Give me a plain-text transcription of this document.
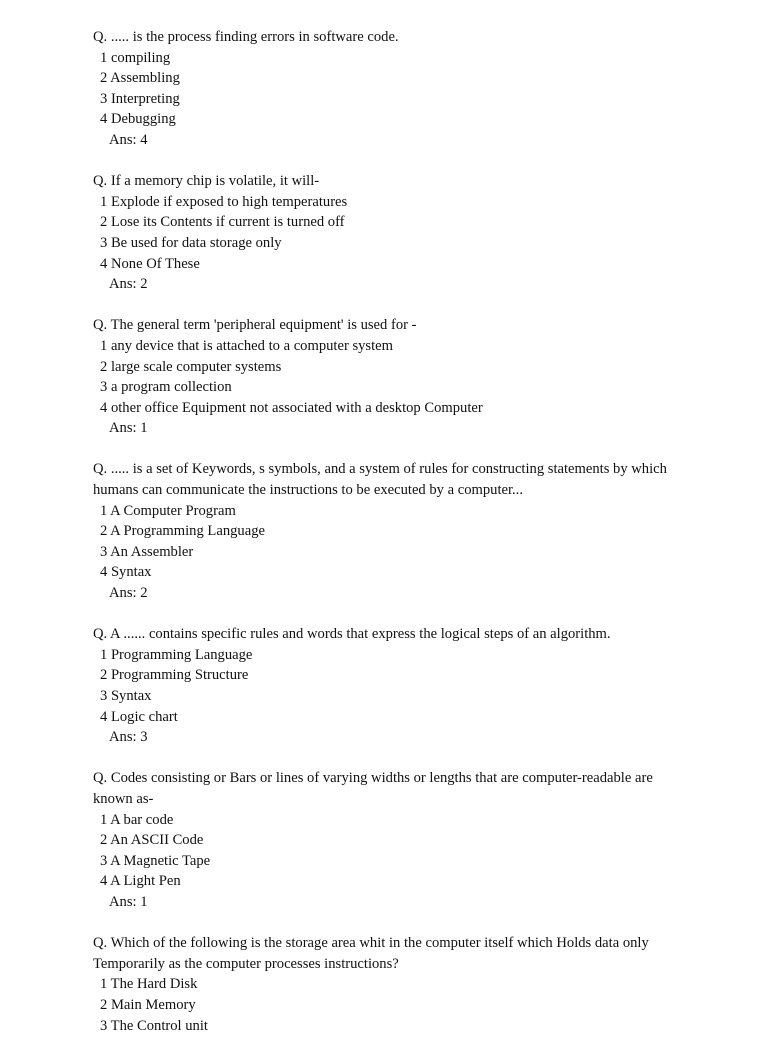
Q. ..... is the process finding errors in software code.
1 compiling
2 Assembling
3 Interpreting
4 Debugging
Ans: 4
Q. If a memory chip is volatile, it will-
1 Explode if exposed to high temperatures
2 Lose its Contents if current is turned off
3 Be used for data storage only
4 None Of These
Ans: 2
Q. The general term 'peripheral equipment' is used for -
1 any device that is attached to a computer system
2 large scale computer systems
3 a program collection
4 other office Equipment not associated with a desktop Computer
Ans: 1
Q. ..... is a set of Keywords, s symbols, and a system of rules for constructing statements by which humans can communicate the instructions to be executed by a computer...
1 A Computer Program
2 A Programming Language
3 An Assembler
4 Syntax
Ans: 2
Q. A ...... contains specific rules and words that express the logical steps of an algorithm.
1 Programming Language
2 Programming Structure
3 Syntax
4 Logic chart
Ans: 3
Q. Codes consisting or Bars or lines of varying widths or lengths that are computer-readable are known as-
1 A bar code
2 An ASCII Code
3 A Magnetic Tape
4 A Light Pen
Ans: 1
Q. Which of the following is the storage area whit in the computer itself which Holds data only Temporarily as the computer processes instructions?
1 The Hard Disk
2 Main Memory
3 The Control unit
